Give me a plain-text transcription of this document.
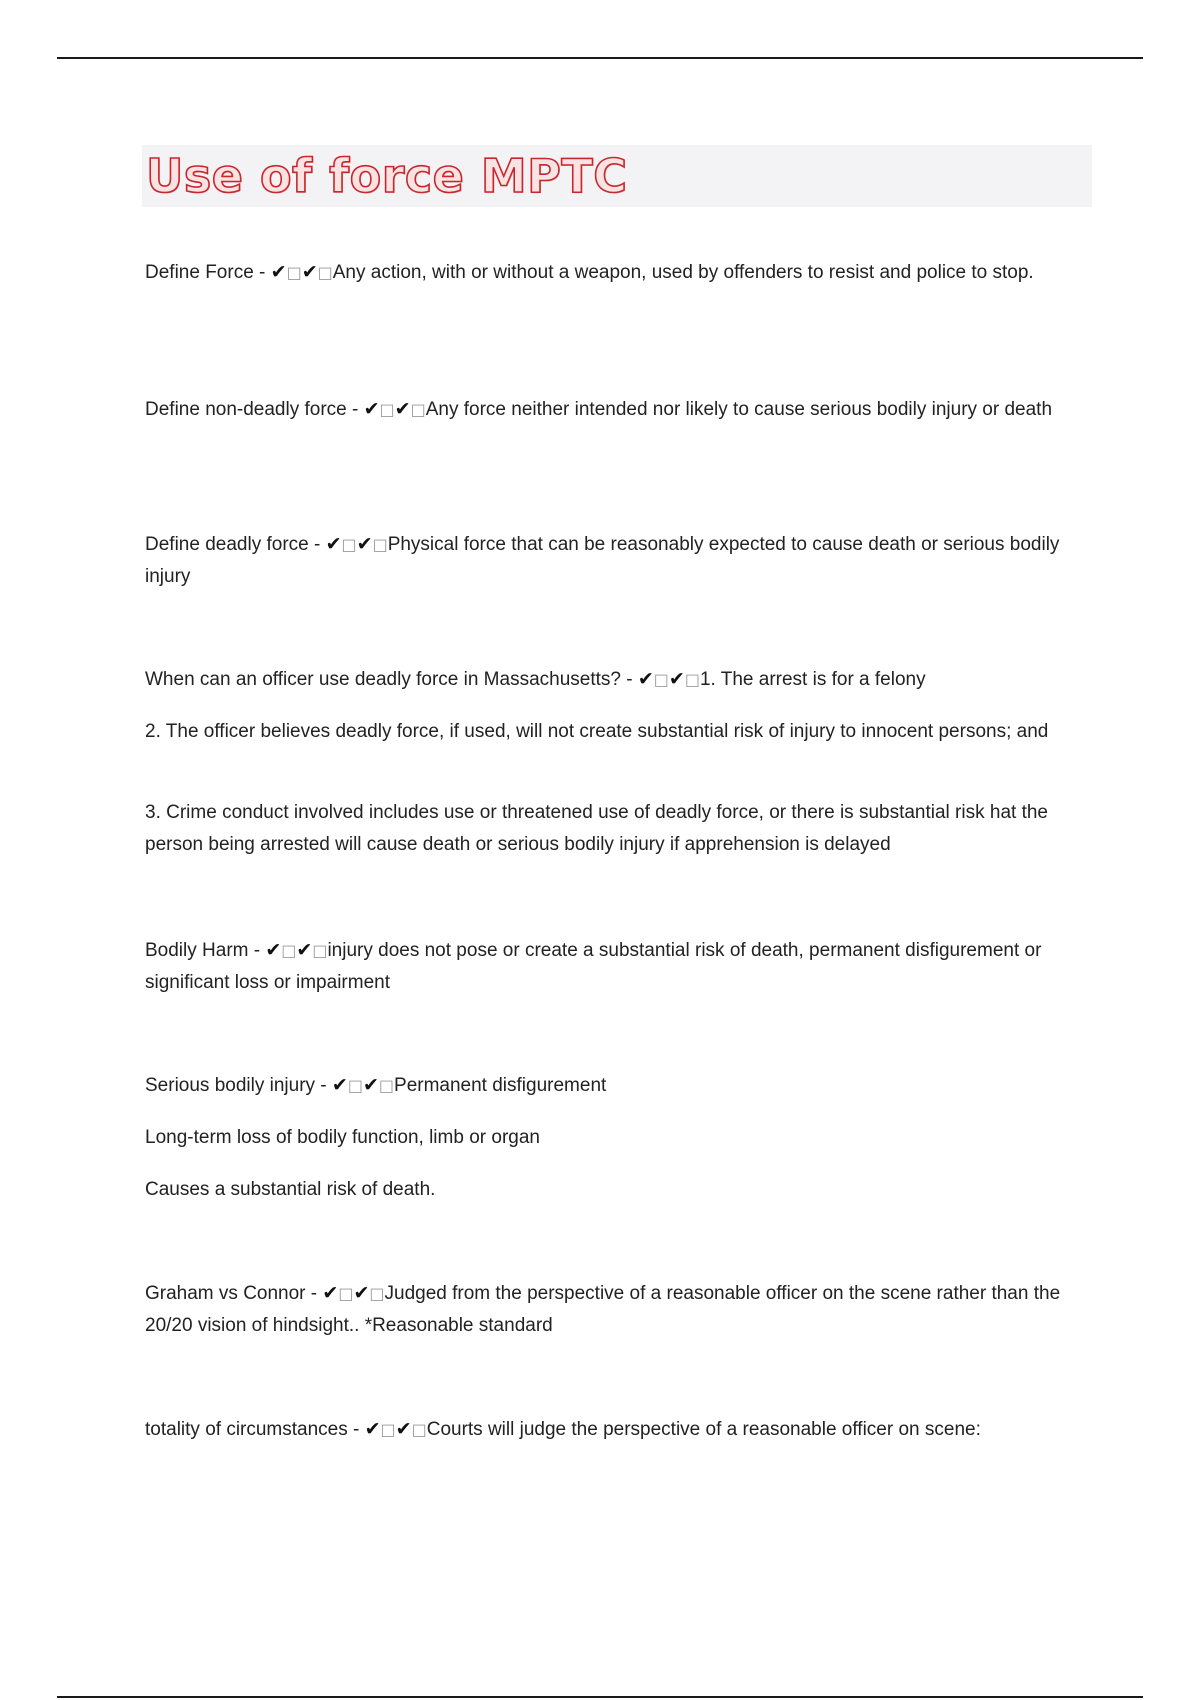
Use of force MPTC

Define Force - ✔□✔□Any action, with or without a weapon, used by offenders to resist and police to stop.

Define non-deadly force - ✔□✔□Any force neither intended nor likely to cause serious bodily injury or death

Define deadly force - ✔□✔□Physical force that can be reasonably expected to cause death or serious bodily injury

When can an officer use deadly force in Massachusetts? - ✔□✔□1. The arrest is for a felony

2. The officer believes deadly force, if used, will not create substantial risk of injury to innocent persons; and

3. Crime conduct involved includes use or threatened use of deadly force, or there is substantial risk hat the person being arrested will cause death or serious bodily injury if apprehension is delayed

Bodily Harm - ✔□✔□injury does not pose or create a substantial risk of death, permanent disfigurement or significant loss or impairment

Serious bodily injury - ✔□✔□Permanent disfigurement

Long-term loss of bodily function, limb or organ

Causes a substantial risk of death.

Graham vs Connor - ✔□✔□Judged from the perspective of a reasonable officer on the scene rather than the 20/20 vision of hindsight.. *Reasonable standard

totality of circumstances - ✔□✔□Courts will judge the perspective of a reasonable officer on scene:
